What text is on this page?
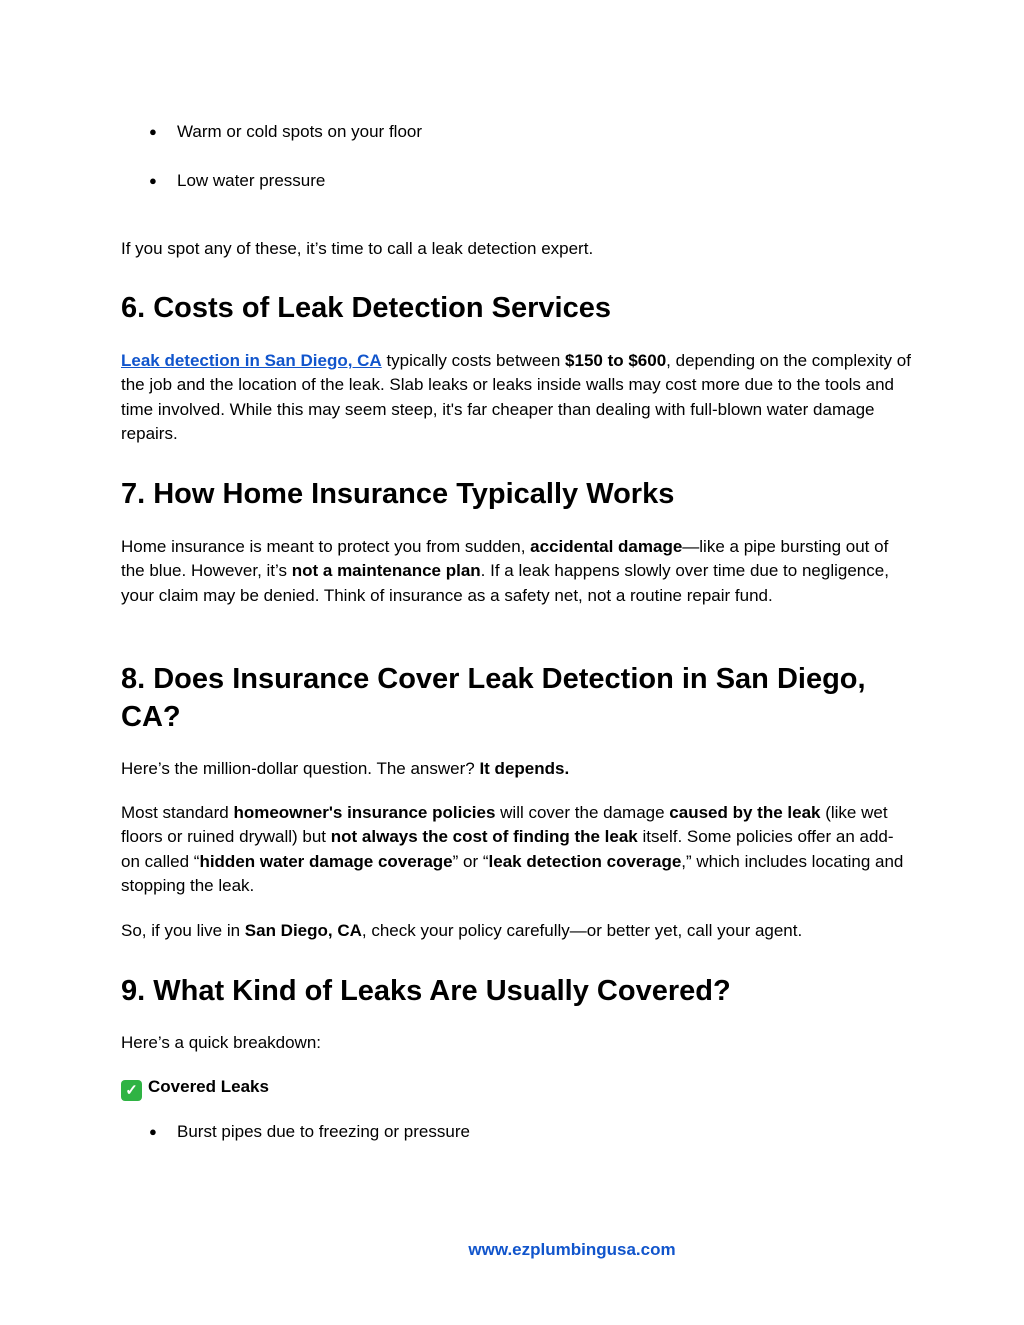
● Warm or cold spots on your floor
● Low water pressure
If you spot any of these, it’s time to call a leak detection expert.
6. Costs of Leak Detection Services
Leak detection in San Diego, CA typically costs between $150 to $600, depending on the complexity of the job and the location of the leak. Slab leaks or leaks inside walls may cost more due to the tools and time involved. While this may seem steep, it's far cheaper than dealing with full-blown water damage repairs.
7. How Home Insurance Typically Works
Home insurance is meant to protect you from sudden, accidental damage—like a pipe bursting out of the blue. However, it’s not a maintenance plan. If a leak happens slowly over time due to negligence, your claim may be denied. Think of insurance as a safety net, not a routine repair fund.
8. Does Insurance Cover Leak Detection in San Diego, CA?
Here’s the million-dollar question. The answer? It depends.
Most standard homeowner's insurance policies will cover the damage caused by the leak (like wet floors or ruined drywall) but not always the cost of finding the leak itself. Some policies offer an add-on called “hidden water damage coverage” or “leak detection coverage,” which includes locating and stopping the leak.
So, if you live in San Diego, CA, check your policy carefully—or better yet, call your agent.
9. What Kind of Leaks Are Usually Covered?
Here’s a quick breakdown:
✓ Covered Leaks
● Burst pipes due to freezing or pressure
www.ezplumbingusa.com
